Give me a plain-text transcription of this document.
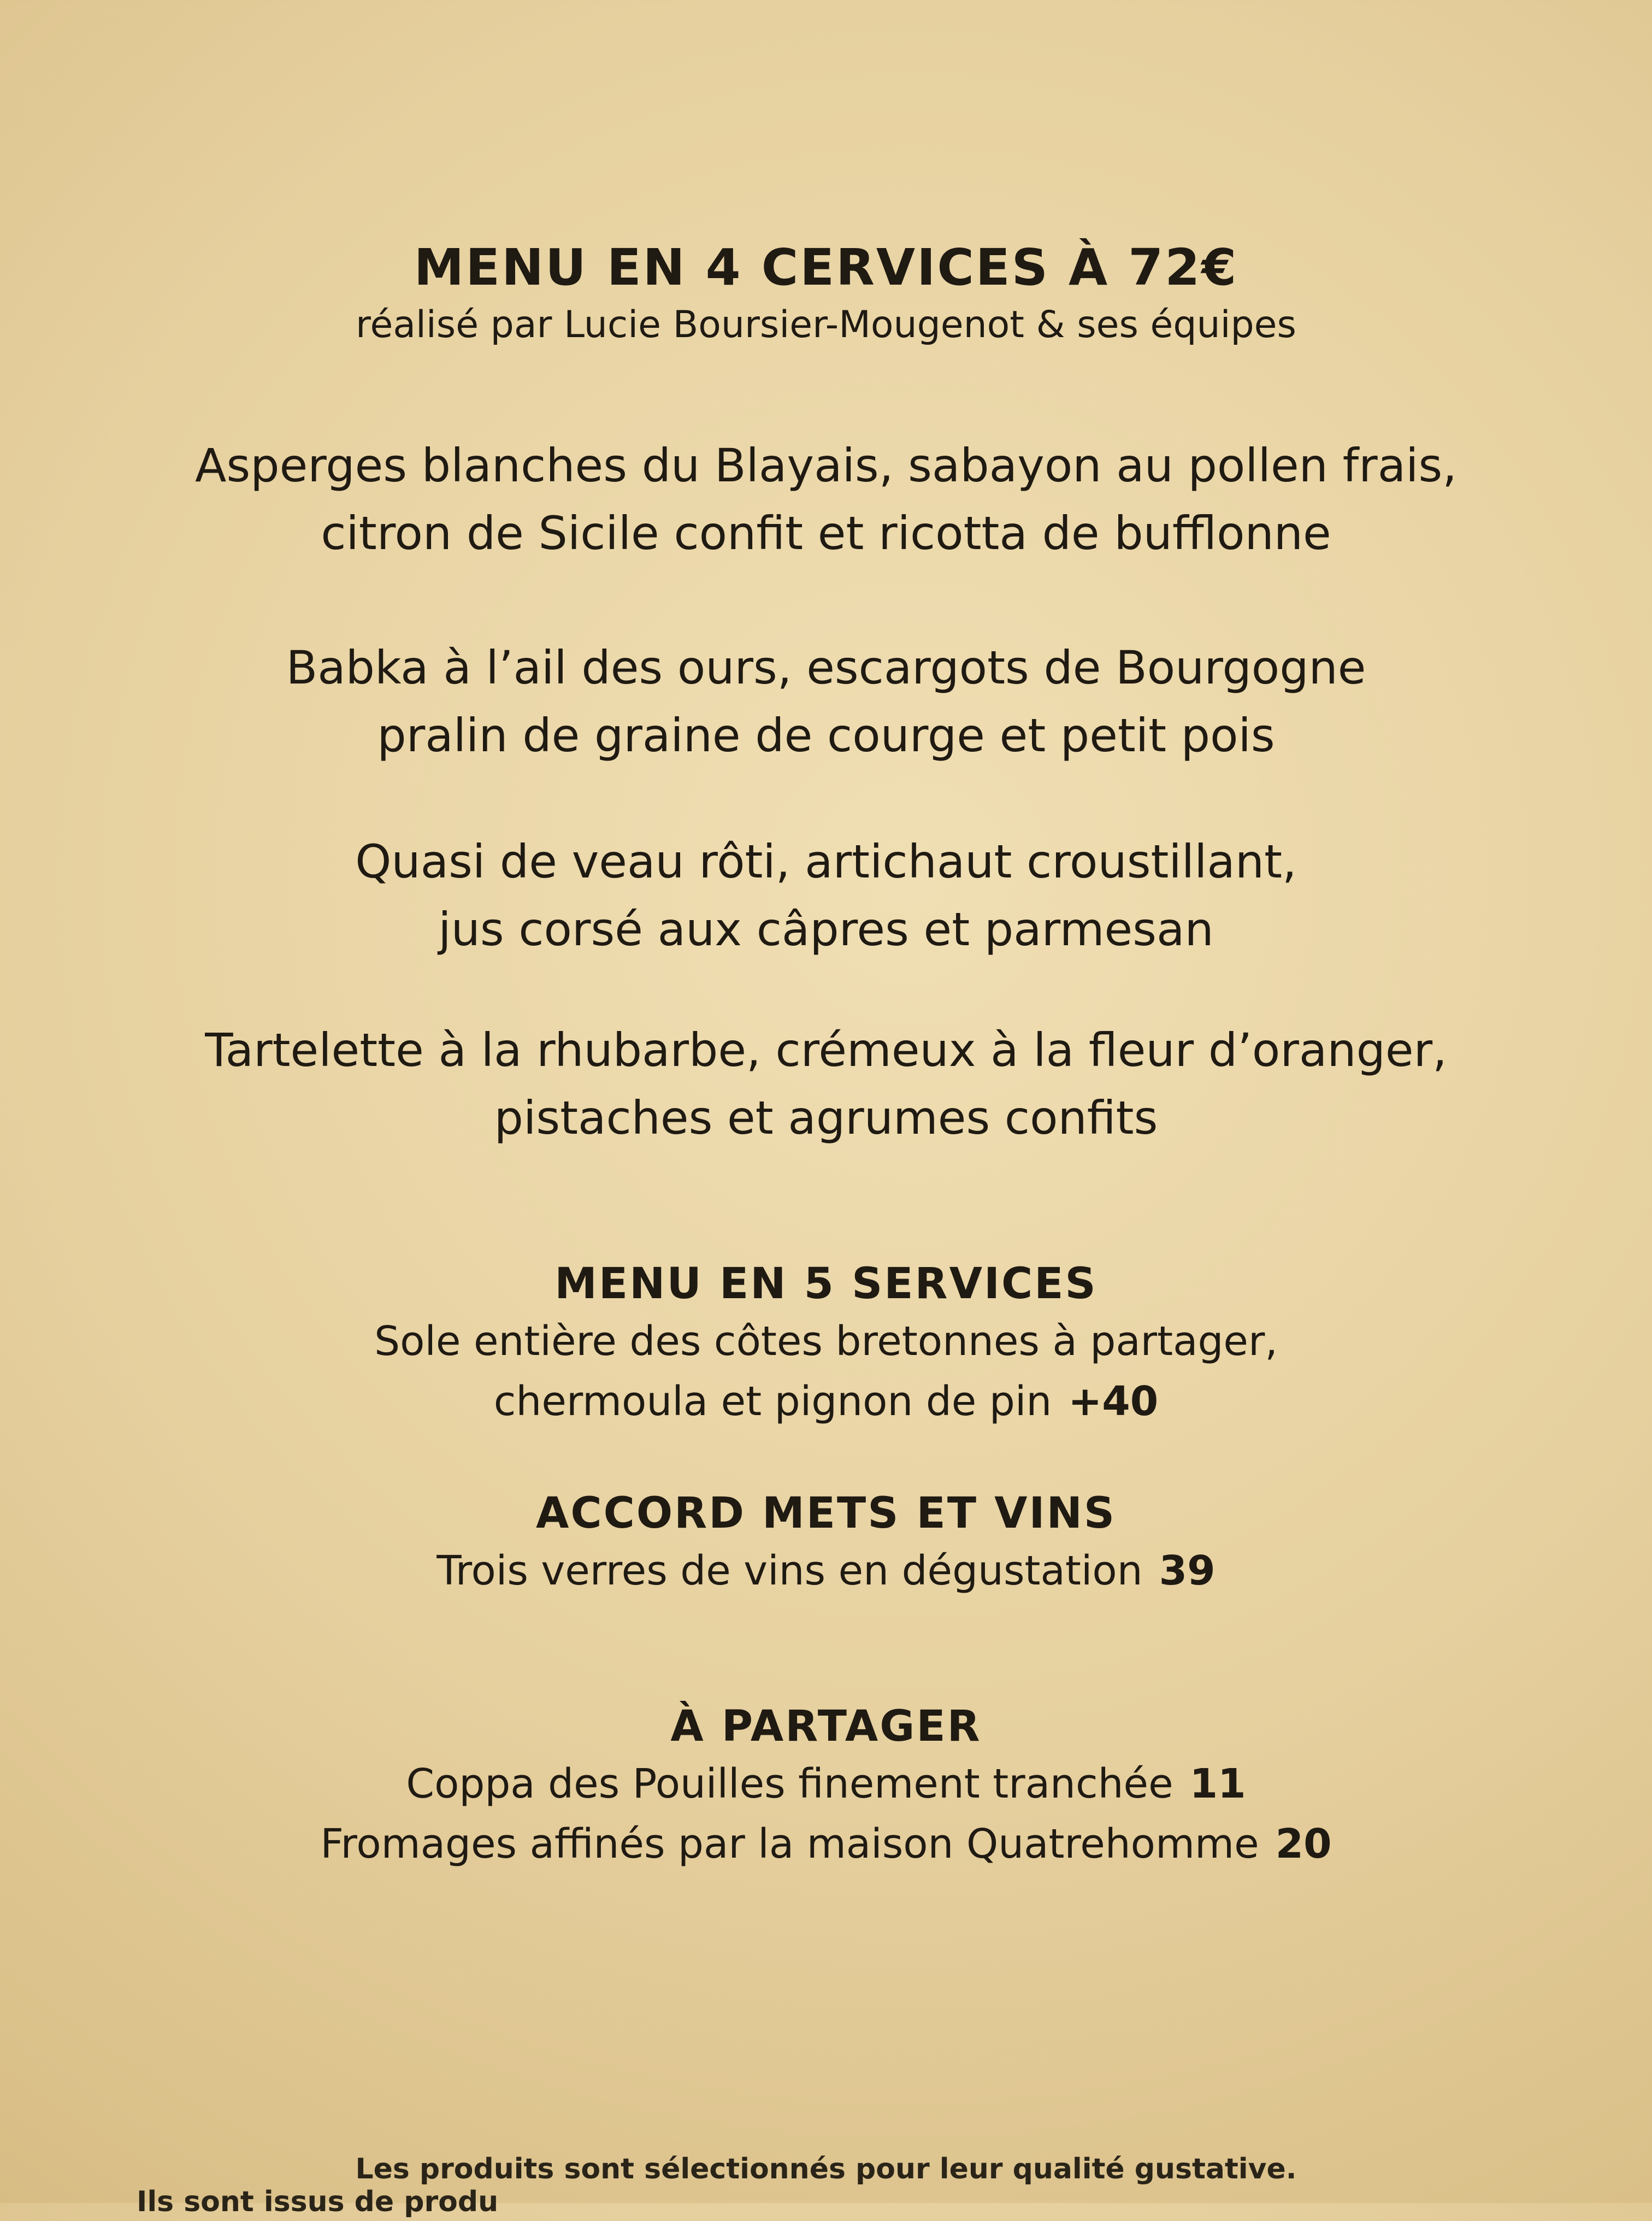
MENU EN 4 CERVICES À 72€

réalisé par Lucie Boursier-Mougenot & ses équipes

Asperges blanches du Blayais, sabayon au pollen frais,

citron de Sicile confit et ricotta de bufflonne

Babka à l’ail des ours, escargots de Bourgogne

pralin de graine de courge et petit pois

Quasi de veau rôti, artichaut croustillant,

jus corsé aux câpres et parmesan

Tartelette à la rhubarbe, crémeux à la fleur d’oranger,

pistaches et agrumes confits

MENU EN 5 SERVICES

Sole entière des côtes bretonnes à partager,

chermoula et pignon de pin +40

ACCORD METS ET VINS

Trois verres de vins en dégustation 39

À PARTAGER

Coppa des Pouilles finement tranchée 11

Fromages affinés par la maison Quatrehomme 20

Les produits sont sélectionnés pour leur qualité gustative.
Ils sont issus de produ
